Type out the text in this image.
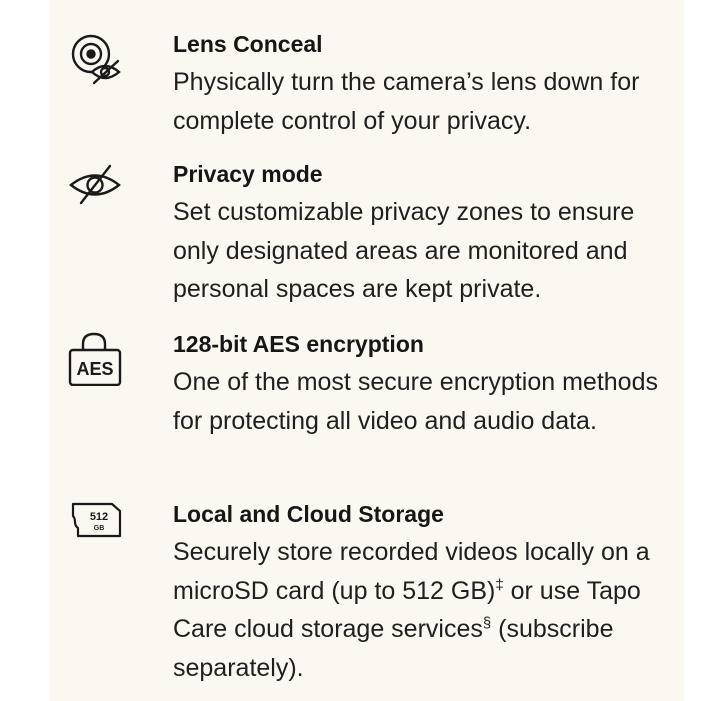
Lens Conceal

Physically turn the camera’s lens down for complete control of your privacy.

Privacy mode

Set customizable privacy zones to ensure only designated areas are monitored and personal spaces are kept private.

AES
128-bit AES encryption

One of the most secure encryption methods for protecting all video and audio data.

512
GB
Local and Cloud Storage

Securely store recorded videos locally on a microSD card (up to 512 GB)‡ or use Tapo Care cloud storage services§ (subscribe separately).
